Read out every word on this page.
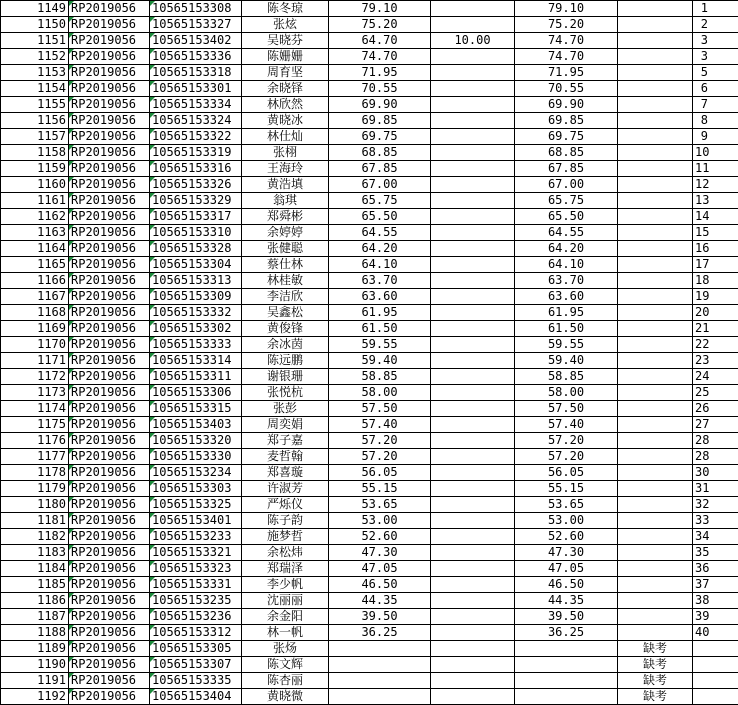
1149	RP2019056	10565153308	陈冬琼	79.10		79.10		1
1150	RP2019056	10565153327	张炫	75.20		75.20		2
1151	RP2019056	10565153402	吴晓芬	64.70	10.00	74.70		3
1152	RP2019056	10565153336	陈姗姗	74.70		74.70		3
1153	RP2019056	10565153318	周育坚	71.95		71.95		5
1154	RP2019056	10565153301	余晓铎	70.55		70.55		6
1155	RP2019056	10565153334	林欣然	69.90		69.90		7
1156	RP2019056	10565153324	黄晓冰	69.85		69.85		8
1157	RP2019056	10565153322	林仕灿	69.75		69.75		9
1158	RP2019056	10565153319	张栩	68.85		68.85		10
1159	RP2019056	10565153316	王海玲	67.85		67.85		11
1160	RP2019056	10565153326	黄浩填	67.00		67.00		12
1161	RP2019056	10565153329	翁琪	65.75		65.75		13
1162	RP2019056	10565153317	郑舜彬	65.50		65.50		14
1163	RP2019056	10565153310	余婷婷	64.55		64.55		15
1164	RP2019056	10565153328	张健聪	64.20		64.20		16
1165	RP2019056	10565153304	蔡仕林	64.10		64.10		17
1166	RP2019056	10565153313	林桂敏	63.70		63.70		18
1167	RP2019056	10565153309	李洁欣	63.60		63.60		19
1168	RP2019056	10565153332	吴鑫松	61.95		61.95		20
1169	RP2019056	10565153302	黄俊锋	61.50		61.50		21
1170	RP2019056	10565153333	余冰茵	59.55		59.55		22
1171	RP2019056	10565153314	陈远鹏	59.40		59.40		23
1172	RP2019056	10565153311	谢银珊	58.85		58.85		24
1173	RP2019056	10565153306	张悦杭	58.00		58.00		25
1174	RP2019056	10565153315	张彭	57.50		57.50		26
1175	RP2019056	10565153403	周奕娟	57.40		57.40		27
1176	RP2019056	10565153320	郑子嘉	57.20		57.20		28
1177	RP2019056	10565153330	麦哲翰	57.20		57.20		28
1178	RP2019056	10565153234	郑喜璇	56.05		56.05		30
1179	RP2019056	10565153303	许淑芳	55.15		55.15		31
1180	RP2019056	10565153325	严烁仪	53.65		53.65		32
1181	RP2019056	10565153401	陈子韵	53.00		53.00		33
1182	RP2019056	10565153233	施梦哲	52.60		52.60		34
1183	RP2019056	10565153321	余松炜	47.30		47.30		35
1184	RP2019056	10565153323	郑瑞泽	47.05		47.05		36
1185	RP2019056	10565153331	李少帆	46.50		46.50		37
1186	RP2019056	10565153235	沈丽丽	44.35		44.35		38
1187	RP2019056	10565153236	余金阳	39.50		39.50		39
1188	RP2019056	10565153312	林一帆	36.25		36.25		40
1189	RP2019056	10565153305	张炀				缺考	
1190	RP2019056	10565153307	陈文辉				缺考	
1191	RP2019056	10565153335	陈杏丽				缺考	
1192	RP2019056	10565153404	黄晓微				缺考	
